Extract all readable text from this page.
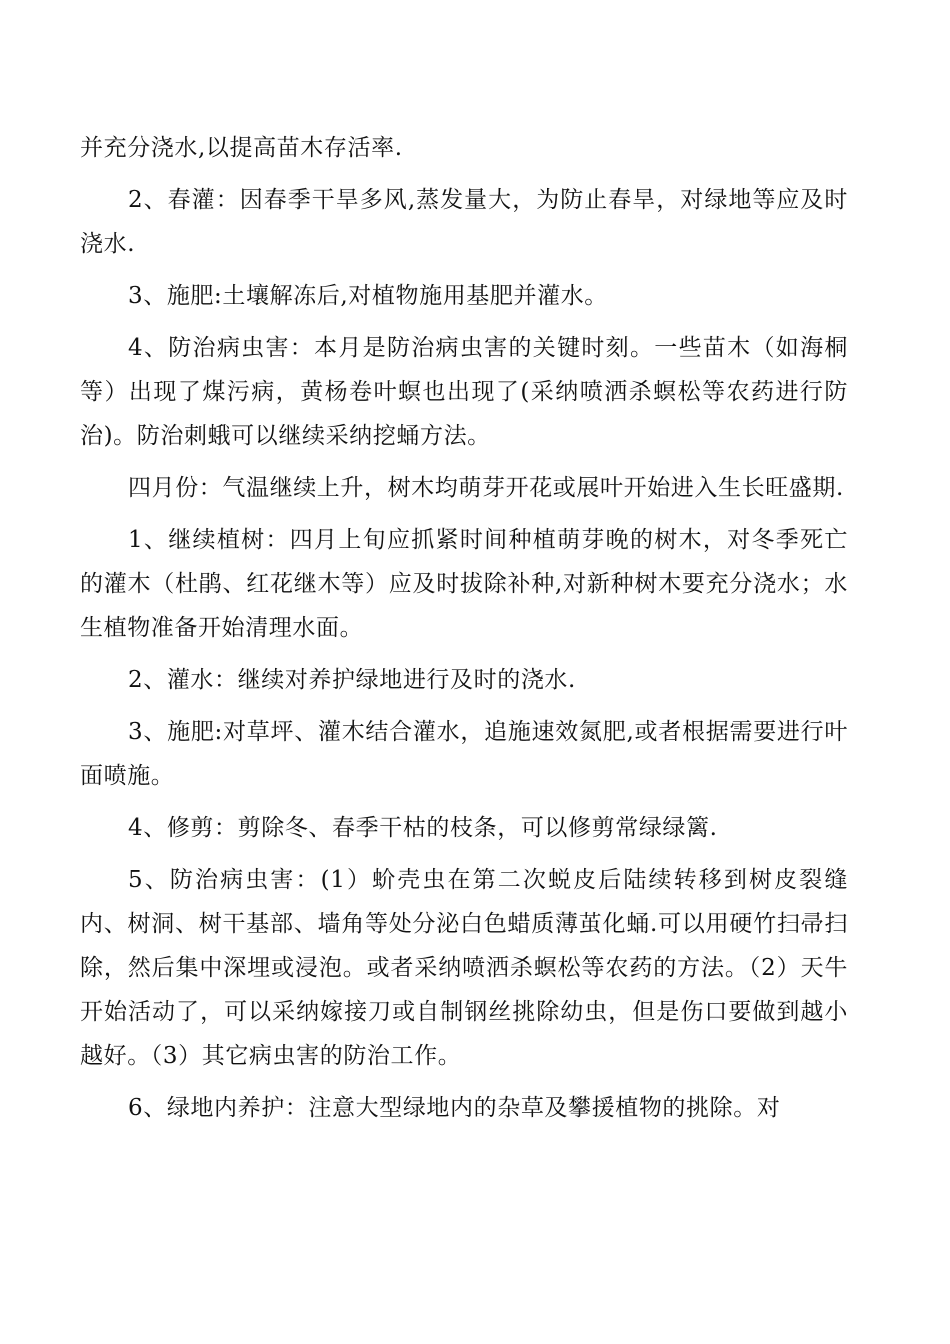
并充分浇水,以提高苗木存活率.

2、春灌：因春季干旱多风,蒸发量大，为防止春旱，对绿地等应及时浇水.

3、施肥:土壤解冻后,对植物施用基肥并灌水。

4、防治病虫害：本月是防治病虫害的关键时刻。一些苗木（如海桐等）出现了煤污病，黄杨卷叶螟也出现了(采纳喷洒杀螟松等农药进行防治)。防治刺蛾可以继续采纳挖蛹方法。

四月份：气温继续上升，树木均萌芽开花或展叶开始进入生长旺盛期.

1、继续植树：四月上旬应抓紧时间种植萌芽晚的树木，对冬季死亡的灌木（杜鹃、红花继木等）应及时拔除补种,对新种树木要充分浇水；水生植物准备开始清理水面。

2、灌水：继续对养护绿地进行及时的浇水.

3、施肥:对草坪、灌木结合灌水，追施速效氮肥,或者根据需要进行叶面喷施。

4、修剪：剪除冬、春季干枯的枝条，可以修剪常绿绿篱.

5、防治病虫害：(1）蚧壳虫在第二次蜕皮后陆续转移到树皮裂缝内、树洞、树干基部、墙角等处分泌白色蜡质薄茧化蛹.可以用硬竹扫帚扫除，然后集中深埋或浸泡。或者采纳喷洒杀螟松等农药的方法。（2）天牛开始活动了，可以采纳嫁接刀或自制钢丝挑除幼虫，但是伤口要做到越小越好。（3）其它病虫害的防治工作。

6、绿地内养护：注意大型绿地内的杂草及攀援植物的挑除。对
